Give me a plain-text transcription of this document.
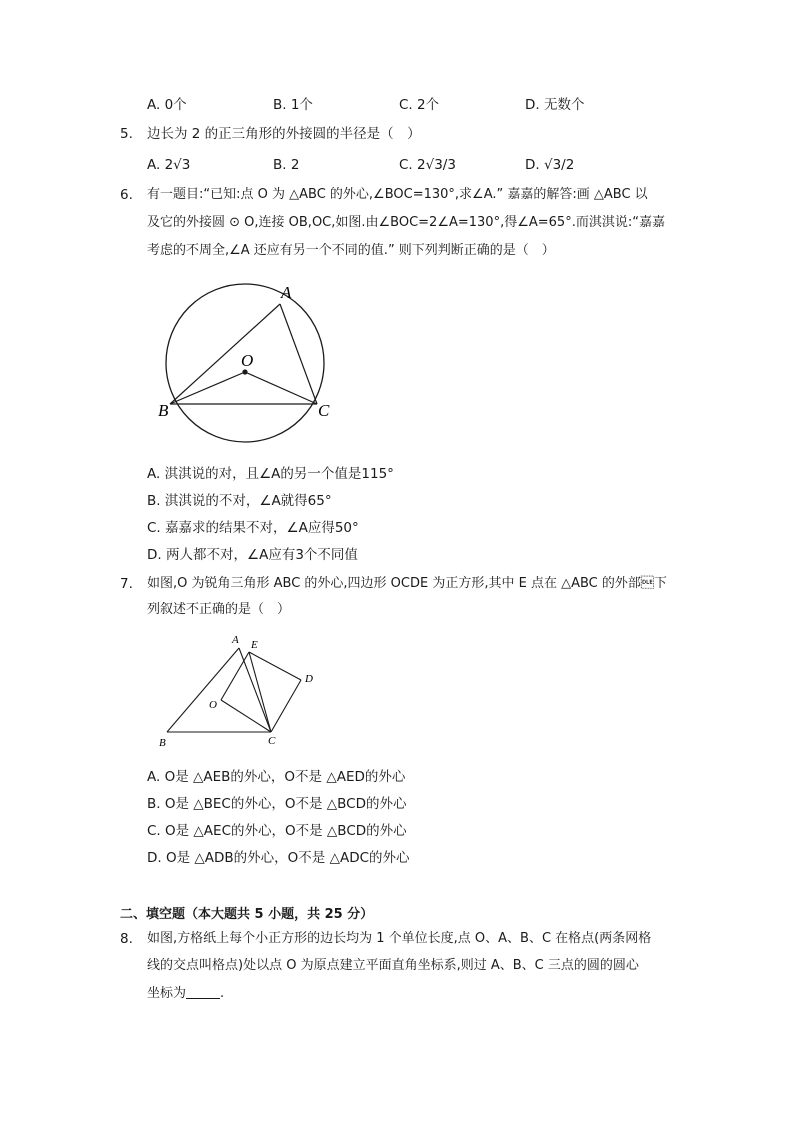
A. 0个	B. 1个	C. 2个	D. 无数个
5. 边长为 2 的正三角形的外接圆的半径是（　）
A. 2√3	B. 2	C. 2√3/3	D. √3/2
6. 有一题目:“已知:点 O 为 △ABC 的外心,∠BOC=130°,求∠A.” 嘉嘉的解答:画 △ABC 以
及它的外接圆 ⊙ O,连接 OB,OC,如图.由∠BOC=2∠A=130°,得∠A=65°.而淇淇说:“嘉嘉
考虑的不周全,∠A 还应有另一个不同的值.” 则下列判断正确的是（　）
A
O
B	C
A. 淇淇说的对，且∠A的另一个值是115°
B. 淇淇说的不对，∠A就得65°
C. 嘉嘉求的结果不对，∠A应得50°
D. 两人都不对，∠A应有3个不同值
7. 如图,O 为锐角三角形 ABC 的外心,四边形 OCDE 为正方形,其中 E 点在 △ABC 的外部下
列叙述不正确的是（　）
A E
D
O
B	C
A. O是 △AEB的外心，O不是 △AED的外心
B. O是 △BEC的外心，O不是 △BCD的外心
C. O是 △AEC的外心，O不是 △BCD的外心
D. O是 △ADB的外心，O不是 △ADC的外心
二、填空题（本大题共 5 小题，共 25 分）
8. 如图,方格纸上每个小正方形的边长均为 1 个单位长度,点 O、A、B、C 在格点(两条网格
线的交点叫格点)处以点 O 为原点建立平面直角坐标系,则过 A、B、C 三点的圆的圆心
坐标为	.
